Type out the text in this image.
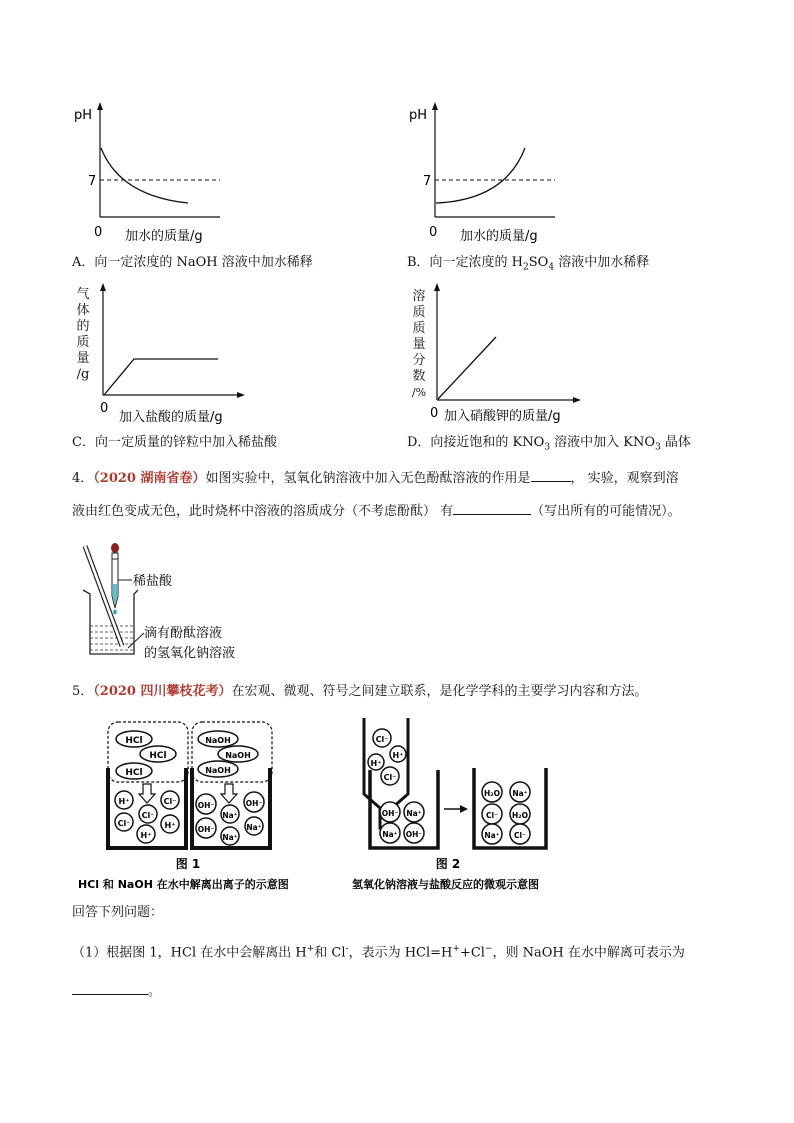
pH
7
0 加水的质量/g
A．向一定浓度的 NaOH 溶液中加水稀释
pH
7
0 加水的质量/g
B．向一定浓度的 $H_2SO_4$ 溶液中加水稀释
气
体
的
质
量
/g
0
加入盐酸的质量/g
C．向一定质量的锌粒中加入稀盐酸
溶
质
质
量
分
数
/%
0 加入硝酸钾的质量/g
D．向接近饱和的 $KNO_3$ 溶液中加入 $KNO_3$ 晶体
4．（2020 湖南省卷）如图实验中，氢氧化钠溶液中加入无色酚酞溶液的作用是	， 实验，观察到溶
液由红色变成无色，此时烧杯中溶液的溶质成分（不考虑酚酞） 有	（写出所有的可能情况）。
稀盐酸
滴有酚酞溶液
的氢氧化钠溶液
5．（2020 四川攀枝花考）在宏观、微观、符号之间建立联系，是化学学科的主要学习内容和方法。
HCl
HCl
HCl
NaOH
NaOH
NaOH
H⁺	Cl⁻
Cl⁻
Cl⁻	H⁺
H⁺
OH⁻
Na⁺
OH⁻
OH⁻
Na⁺
Na⁺
图 1
HCl 和 NaOH 在水中解离出离子的示意图
Cl⁻
H⁺
H⁺
Cl⁻
OH⁻ Na⁺
Na⁺ OH⁻
H₂O Na⁺
Cl⁻ H₂O
Na⁺ Cl⁻
图 2
氢氧化钠溶液与盐酸反应的微观示意图
回答下列问题：
（1）根据图 1，HCl 在水中会解离出 H+和 Cl-，表示为 HCl=H++Cl−，则 NaOH 在水中解离可表示为
。
